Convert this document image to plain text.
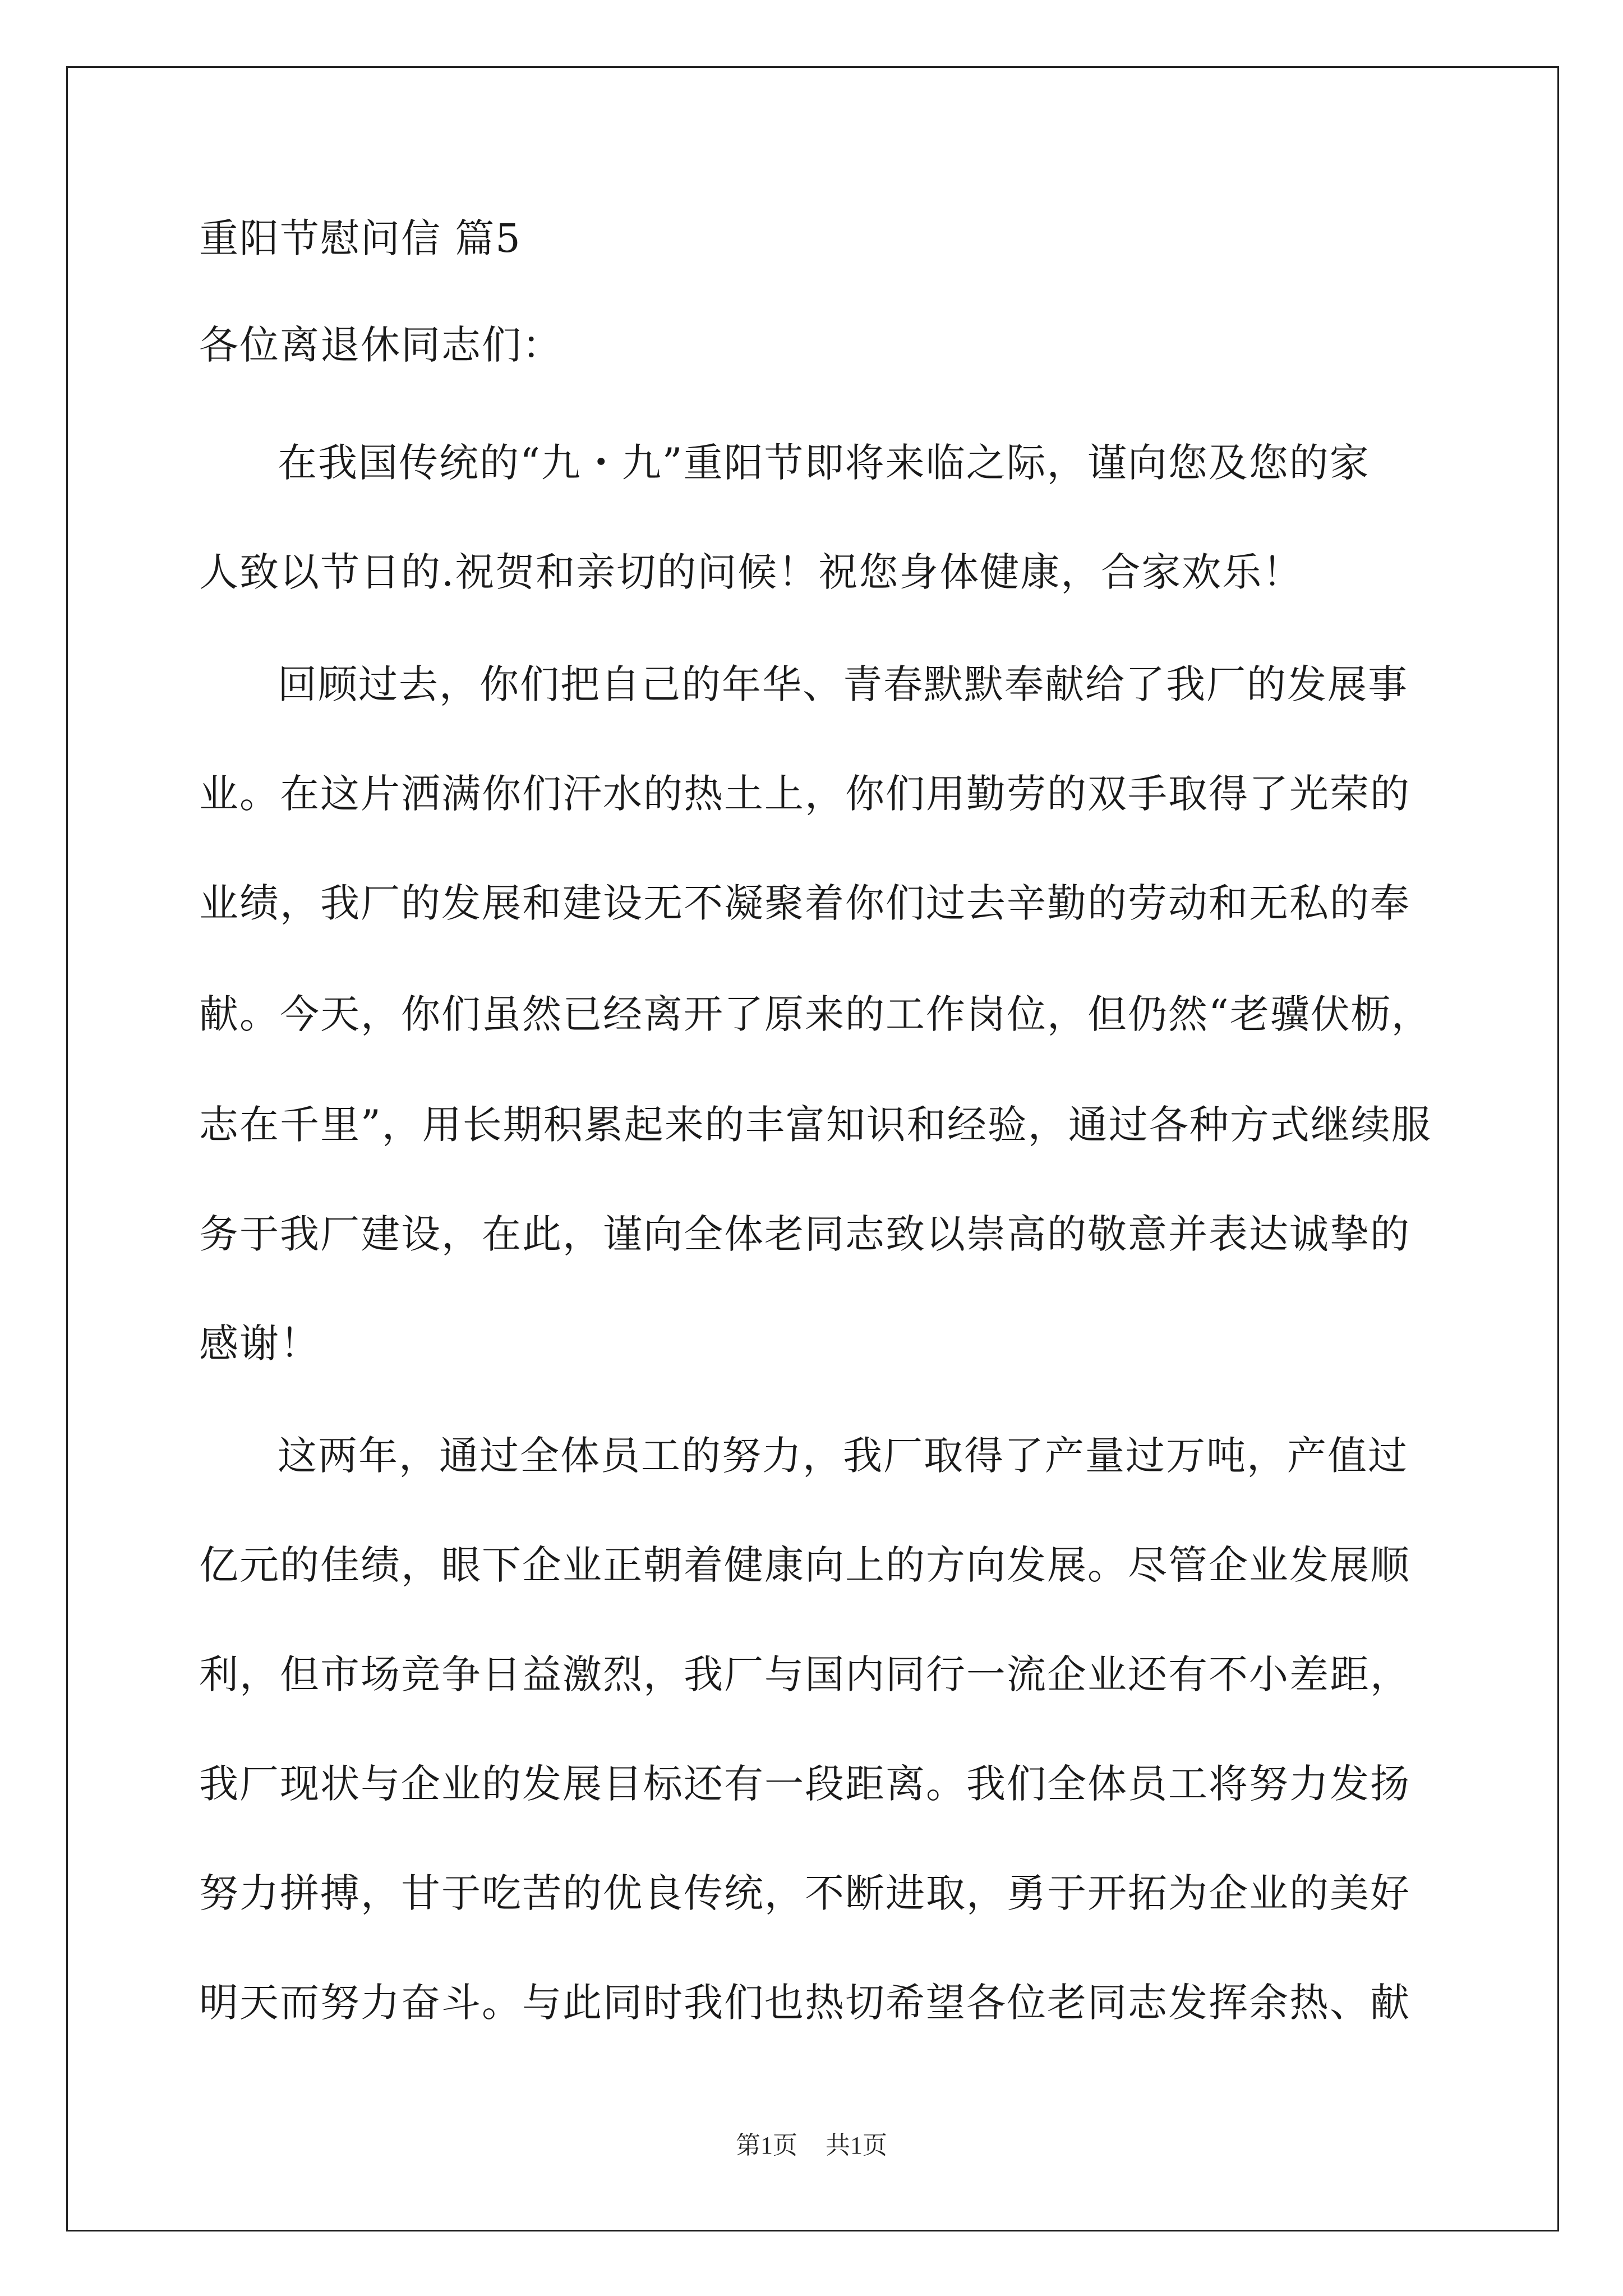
重阳节慰问信 篇5
各位离退休同志们：
在我国传统的“九・九”重阳节即将来临之际，谨向您及您的家
人致以节日的.祝贺和亲切的问候！祝您身体健康，合家欢乐！
回顾过去，你们把自己的年华、青春默默奉献给了我厂的发展事
业。在这片洒满你们汗水的热土上，你们用勤劳的双手取得了光荣的
业绩，我厂的发展和建设无不凝聚着你们过去辛勤的劳动和无私的奉
献。今天，你们虽然已经离开了原来的工作岗位，但仍然“老骥伏枥，
志在千里”，用长期积累起来的丰富知识和经验，通过各种方式继续服
务于我厂建设，在此，谨向全体老同志致以崇高的敬意并表达诚挚的
感谢！
这两年，通过全体员工的努力，我厂取得了产量过万吨，产值过
亿元的佳绩，眼下企业正朝着健康向上的方向发展。尽管企业发展顺
利，但市场竞争日益激烈，我厂与国内同行一流企业还有不小差距，
我厂现状与企业的发展目标还有一段距离。我们全体员工将努力发扬
努力拼搏，甘于吃苦的优良传统，不断进取，勇于开拓为企业的美好
明天而努力奋斗。与此同时我们也热切希望各位老同志发挥余热、献
第1页 共1页
